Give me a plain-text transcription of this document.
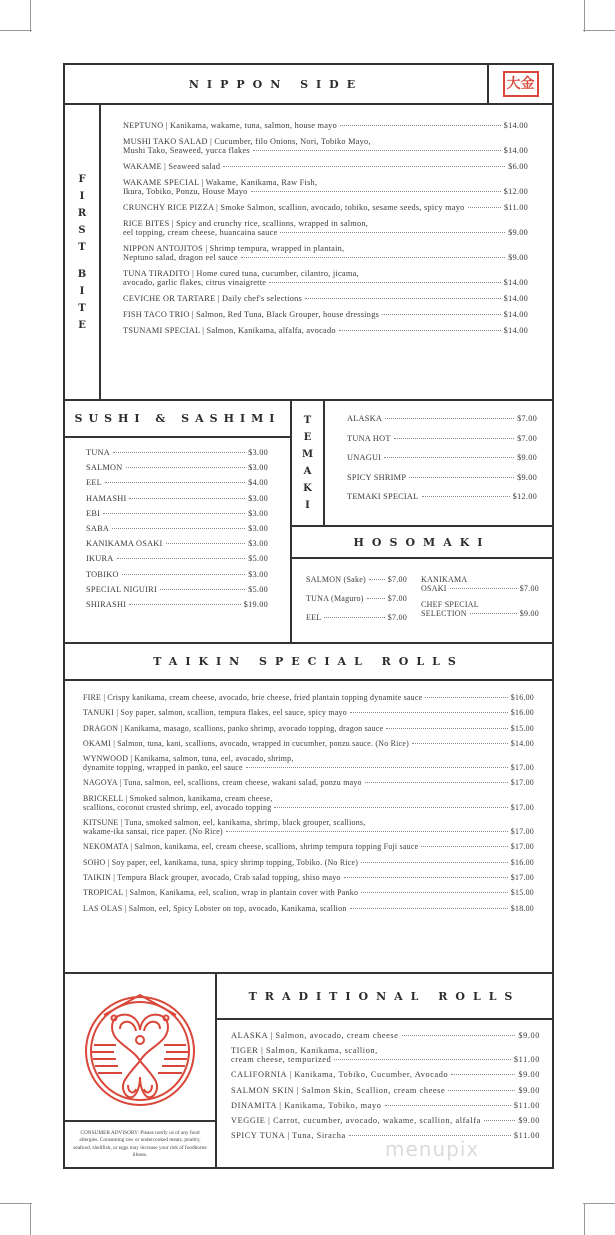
NIPPON SIDE	大金
F
I
R
S
T
B
I
T
E
NEPTUNO | Kanikama, wakame, tuna, salmon, house mayo	$14.00
MUSHI TAKO SALAD | Cucumber, filo Onions, Nori, Tobiko Mayo,
Mushi Tako, Seaweed, yucca flakes	$14.00
WAKAME | Seaweed salad	$6.00
WAKAME SPECIAL | Wakame, Kanikama, Raw Fish,
Ikura, Tobiko, Ponzu, House Mayo	$12.00
CRUNCHY RICE PIZZA | Smoke Salmon, scallion, avocado, tobiko, sesame seeds, spicy mayo	$11.00
RICE BITES | Spicy and crunchy rice, scallions, wrapped in salmon,
eel topping, cream cheese, huancaina sauce	$9.00
NIPPON ANTOJITOS | Shrimp tempura, wrapped in plantain,
Neptuno salad, dragon eel sauce	$9.00
TUNA TIRADITO | Home cured tuna, cucumber, cilantro, jicama,
avocado, garlic flakes, citrus vinaigrette	$14.00
CEVICHE OR TARTARE | Daily chef's selections	$14.00
FISH TACO TRIO | Salmon, Red Tuna, Black Grouper, house dressings	$14.00
TSUNAMI SPECIAL | Salmon, Kanikama, alfalfa, avocado	$14.00
SUSHI & SASHIMI
TUNA	$3.00
SALMON	$3.00
EEL	$4.00
HAMASHI	$3.00
EBI	$3.00
SABA	$3.00
KANIKAMA OSAKI	$3.00
IKURA	$5.00
TOBIKO	$3.00
SPECIAL NIGUIRI	$5.00
SHIRASHI	$19.00
T
E
M
A
K
I
ALASKA	$7.00
TUNA HOT	$7.00
UNAGUI	$9.00
SPICY SHRIMP	$9.00
TEMAKI SPECIAL	$12.00
HOSOMAKI
SALMON (Sake)	$7.00
TUNA (Maguro)	$7.00
EEL	$7.00
KANIKAMA
OSAKI	$7.00
CHEF SPECIAL
SELECTION	$9.00
TAIKIN SPECIAL ROLLS
FIRE | Crispy kanikama, cream cheese, avocado, brie cheese, fried plantain topping dynamite sauce	$16.00
TANUKI | Soy paper, salmon, scallion, tempura flakes, eel sauce, spicy mayo	$16.00
DRAGON | Kanikama, masago, scallions, panko shrimp, avocado topping, dragon sauce	$15.00
OKAMI | Salmon, tuna, kani, scallions, avocado, wrapped in cucumber, ponzu sauce. (No Rice)	$14.00
WYNWOOD | Kanikama, salmon, tuna, eel, avocado, shrimp,
dynamite topping, wrapped in panko, eel sauce	$17.00
NAGOYA | Tuna, salmon, eel, scallions, cream cheese, wakani salad, ponzu mayo	$17.00
BRICKELL | Smoked salmon, kanikama, cream cheese,
scallions, coconut crusted shrimp, eel, avocado topping	$17.00
KITSUNE | Tuna, smoked salmon, eel, kanikama, shrimp, black grouper, scallions,
wakame-ika sansai, rice paper. (No Rice)	$17.00
NEKOMATA | Salmon, kanikama, eel, cream cheese, scallions, shrimp tempura topping Fuji sauce	$17.00
SOHO | Soy paper, eel, kanikama, tuna, spicy shrimp topping, Tobiko. (No Rice)	$16.00
TAIKIN | Tempura Black grouper, avocado, Crab salad topping, shiso mayo	$17.00
TROPICAL | Salmon, Kanikama, eel, scalion, wrap in plantain cover with Panko	$15.00
LAS OLAS | Salmon, eel, Spicy Lobster on top, avocado, Kanikama, scallion	$18.00
CONSUMER ADVISORY: Please notify us of any food allergies. Consuming raw or undercooked meats, poultry, seafood, shellfish, or eggs may increase your risk of foodborne illness.
TRADITIONAL ROLLS
ALASKA | Salmon, avocado, cream cheese	$9.00
TIGER | Salmon, Kanikama, scallion,
cream cheese, tempurized	$11.00
CALIFORNIA | Kanikama, Tobiko, Cucumber, Avocado	$9.00
SALMON SKIN | Salmon Skin, Scallion, cream cheese	$9.00
DINAMITA | Kanikama, Tobiko, mayo	$11.00
VEGGIE | Carrot, cucumber, avocado, wakame, scallion, alfalfa	$9.00
SPICY TUNA | Tuna, Siracha	$11.00
menupix
